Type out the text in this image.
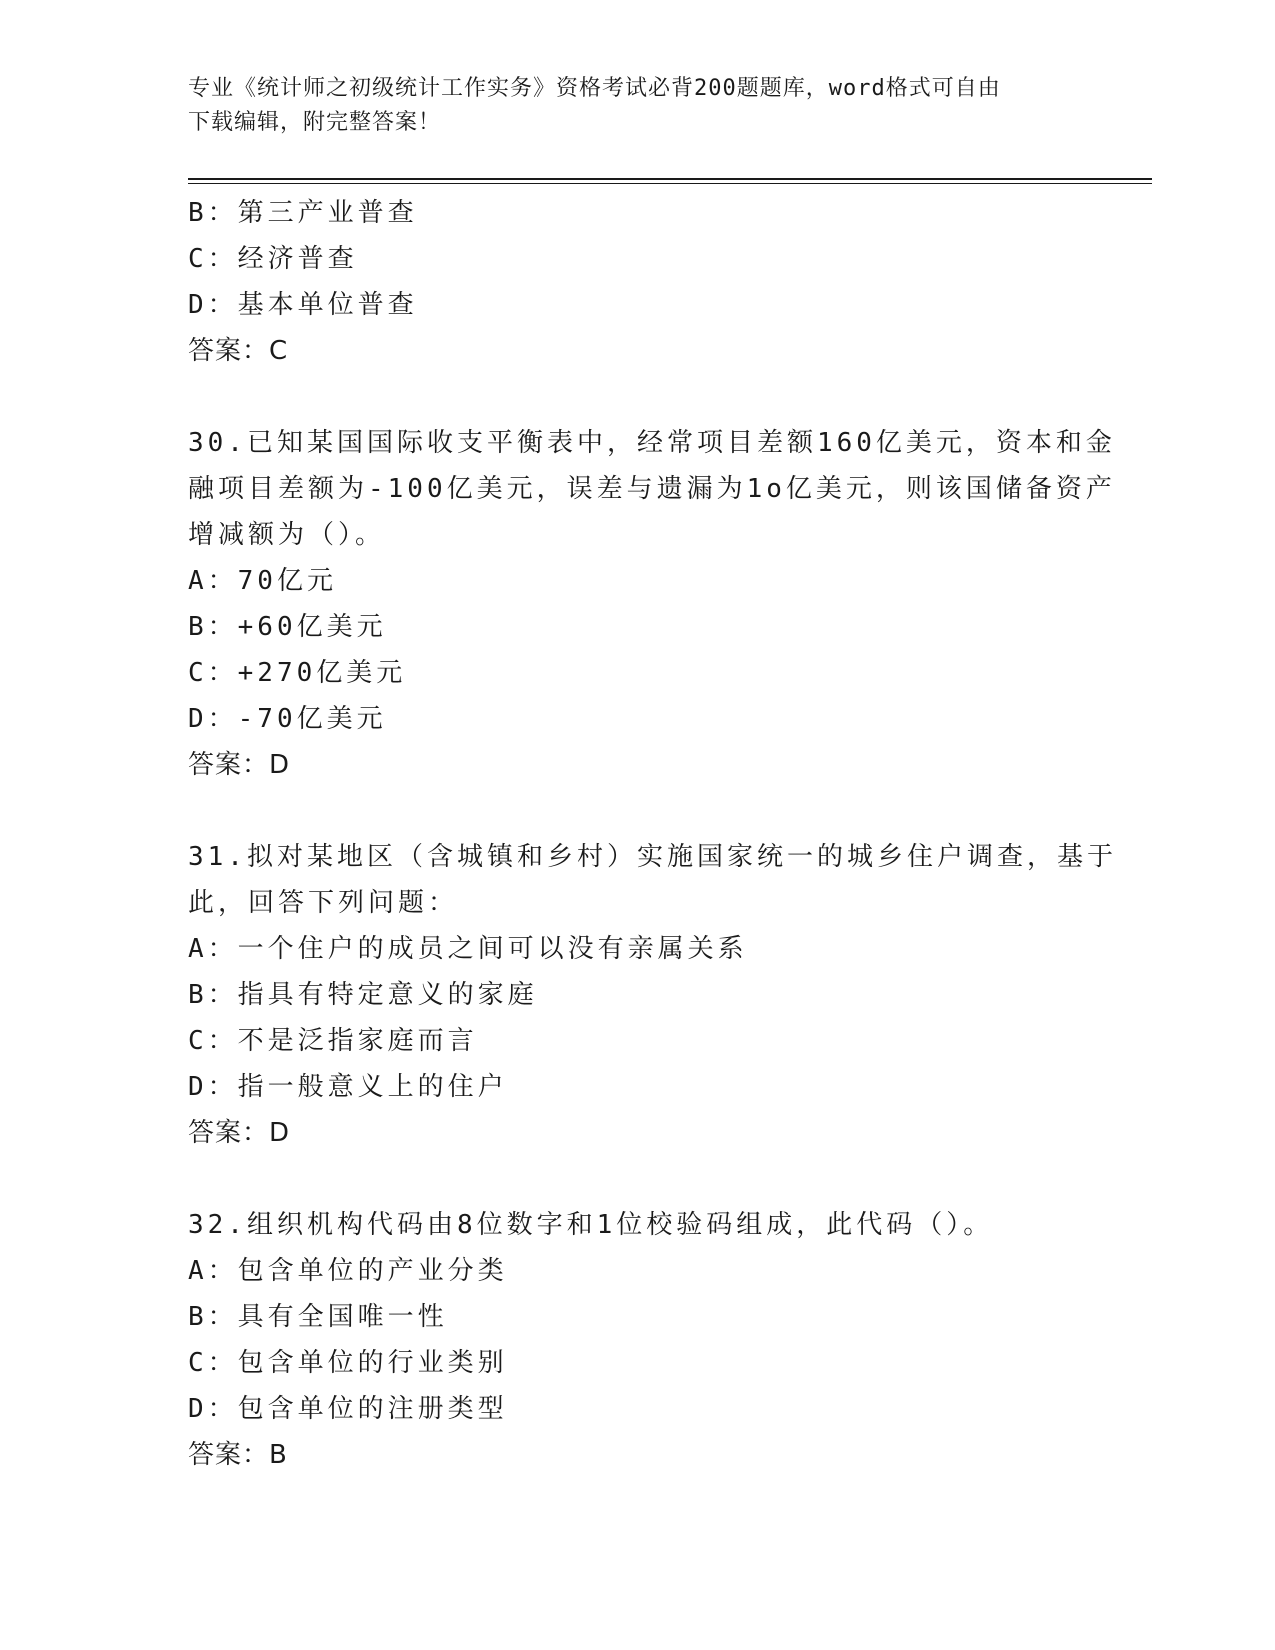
专业《统计师之初级统计工作实务》资格考试必背200题题库，word格式可自由
下载编辑，附完整答案！
B：第三产业普查
C：经济普查
D：基本单位普查
答案：C
30.已知某国国际收支平衡表中，经常项目差额160亿美元，资本和金
融项目差额为-100亿美元，误差与遗漏为1o亿美元，则该国储备资产
增减额为（）。
A：70亿元
B：+60亿美元
C：+270亿美元
D：-70亿美元
答案：D
31.拟对某地区（含城镇和乡村）实施国家统一的城乡住户调查，基于
此，回答下列问题：
A：一个住户的成员之间可以没有亲属关系
B：指具有特定意义的家庭
C：不是泛指家庭而言
D：指一般意义上的住户
答案：D
32.组织机构代码由8位数字和1位校验码组成，此代码（）。
A：包含单位的产业分类
B：具有全国唯一性
C：包含单位的行业类别
D：包含单位的注册类型
答案：B
